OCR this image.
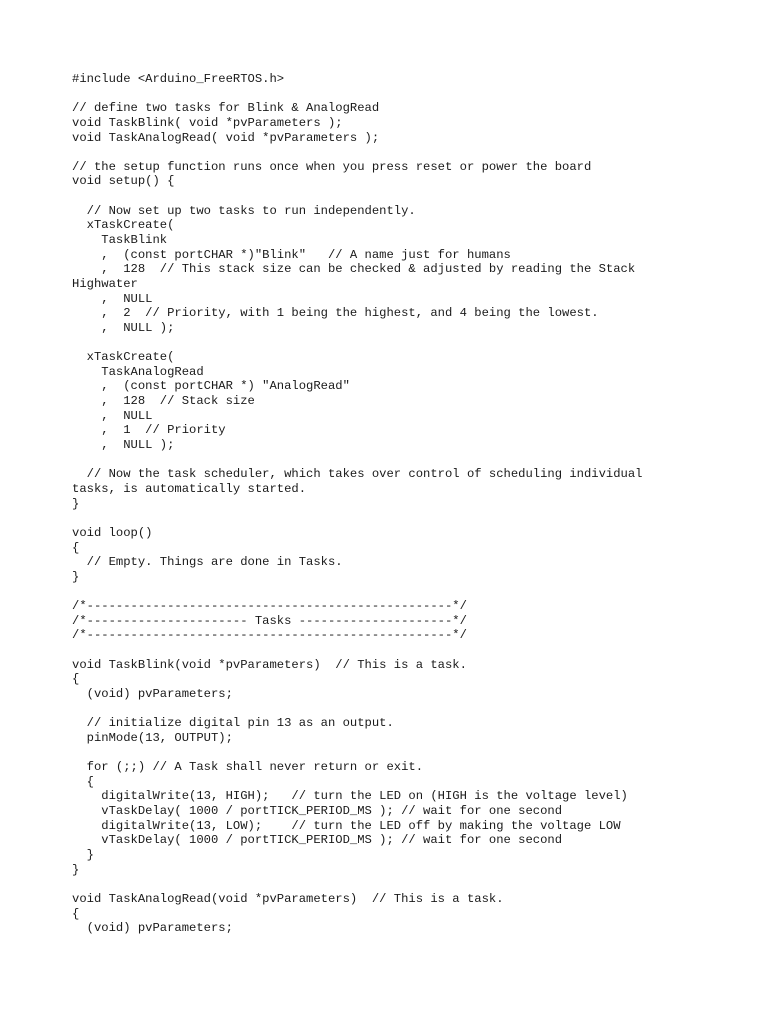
#include <Arduino_FreeRTOS.h>
// define two tasks for Blink & AnalogRead
void TaskBlink( void *pvParameters );
void TaskAnalogRead( void *pvParameters );
// the setup function runs once when you press reset or power the board
void setup() {
// Now set up two tasks to run independently.
xTaskCreate(
TaskBlink
,  (const portCHAR *)"Blink"   // A name just for humans
,  128  // This stack size can be checked & adjusted by reading the Stack
Highwater
,  NULL
,  2  // Priority, with 1 being the highest, and 4 being the lowest.
,  NULL );
xTaskCreate(
TaskAnalogRead
,  (const portCHAR *) "AnalogRead"
,  128  // Stack size
,  NULL
,  1  // Priority
,  NULL );
// Now the task scheduler, which takes over control of scheduling individual
tasks, is automatically started.
}
void loop()
{
// Empty. Things are done in Tasks.
}
/*--------------------------------------------------*/
/*---------------------- Tasks ---------------------*/
/*--------------------------------------------------*/
void TaskBlink(void *pvParameters)  // This is a task.
{
(void) pvParameters;
// initialize digital pin 13 as an output.
pinMode(13, OUTPUT);
for (;;) // A Task shall never return or exit.
{
digitalWrite(13, HIGH);   // turn the LED on (HIGH is the voltage level)
vTaskDelay( 1000 / portTICK_PERIOD_MS ); // wait for one second
digitalWrite(13, LOW);    // turn the LED off by making the voltage LOW
vTaskDelay( 1000 / portTICK_PERIOD_MS ); // wait for one second
}
}
void TaskAnalogRead(void *pvParameters)  // This is a task.
{
(void) pvParameters;
